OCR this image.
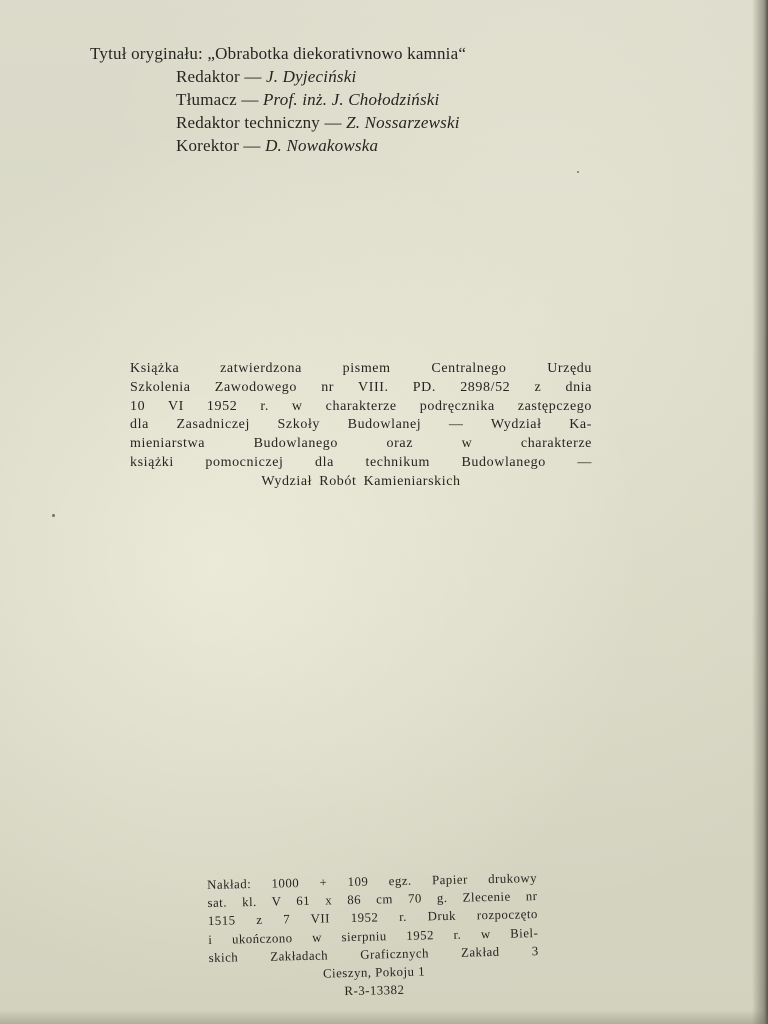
Tytuł oryginału: „Obrabotka diekorativnowo kamnia“
Redaktor — J. Dyjeciński
Tłumacz — Prof. inż. J. Chołodziński
Redaktor techniczny — Z. Nossarzewski
Korektor — D. Nowakowska
Książka zatwierdzona pismem Centralnego Urzędu
Szkolenia Zawodowego nr VIII. PD. 2898/52 z dnia
10 VI 1952 r. w charakterze podręcznika zastępczego
dla Zasadniczej Szkoły Budowlanej — Wydział Ka-
mieniarstwa Budowlanego oraz w charakterze
książki pomocniczej dla technikum Budowlanego —
Wydział Robót Kamieniarskich
Nakład: 1000 + 109 egz. Papier drukowy
sat. kl. V 61 x 86 cm 70 g. Zlecenie nr
1515 z 7 VII 1952 r. Druk rozpoczęto
i ukończono w sierpniu 1952 r. w Biel-
skich Zakładach Graficznych Zakład 3
Cieszyn, Pokoju 1
R-3-13382
